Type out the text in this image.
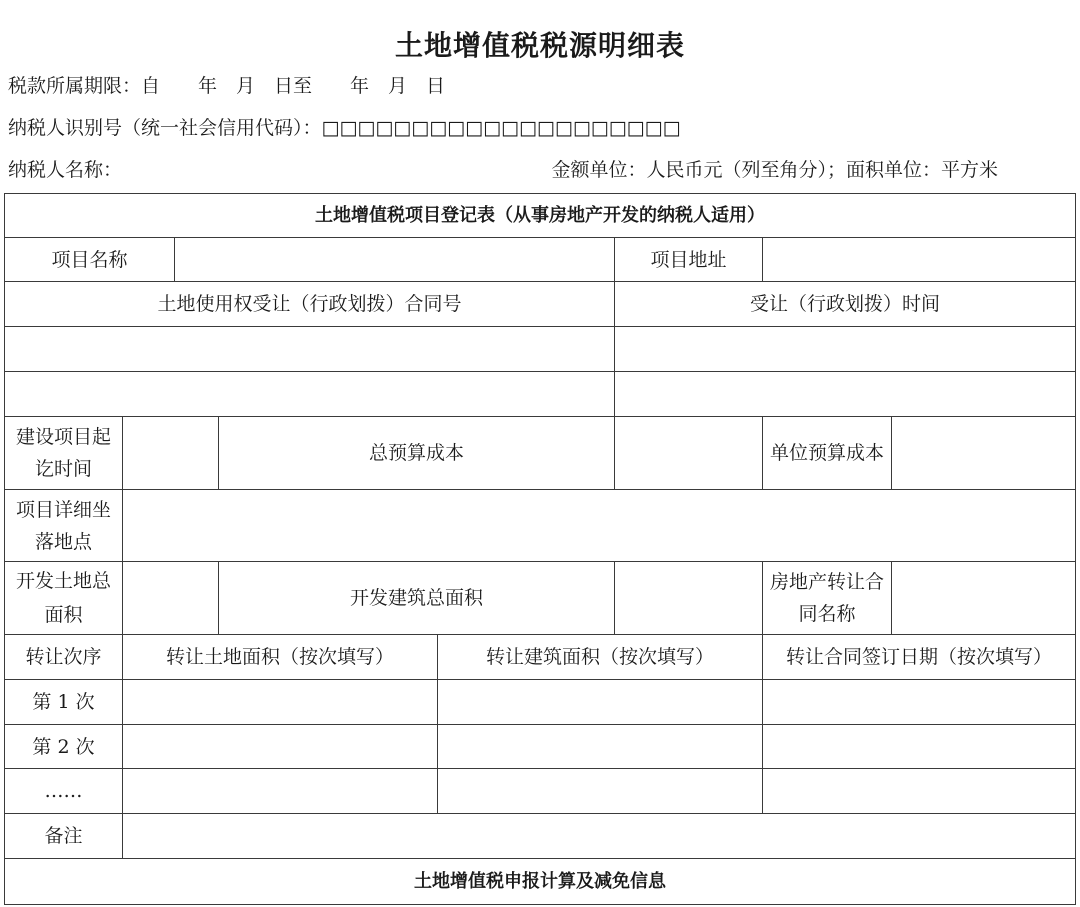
土地增值税税源明细表
税款所属期限：自　　年　月　日至　　年　月　日
纳税人识别号（统一社会信用代码）：□□□□□□□□□□□□□□□□□□□□
纳税人名称：	金额单位：人民币元（列至角分）；面积单位：平方米
土地增值税项目登记表（从事房地产开发的纳税人适用）							
项目名称					项目地址		
土地使用权受让（行政划拨）合同号					受让（行政划拨）时间		

建设项目起讫时间			总预算成本			单位预算成本	
项目详细坐落地点							
开发土地总面积			开发建筑总面积			房地产转让合同名称	
转让次序	转让土地面积（按次填写）			转让建筑面积（按次填写）		转让合同签订日期（按次填写）	
第 1 次							
第 2 次							
……							
备注							
土地增值税申报计算及减免信息							
